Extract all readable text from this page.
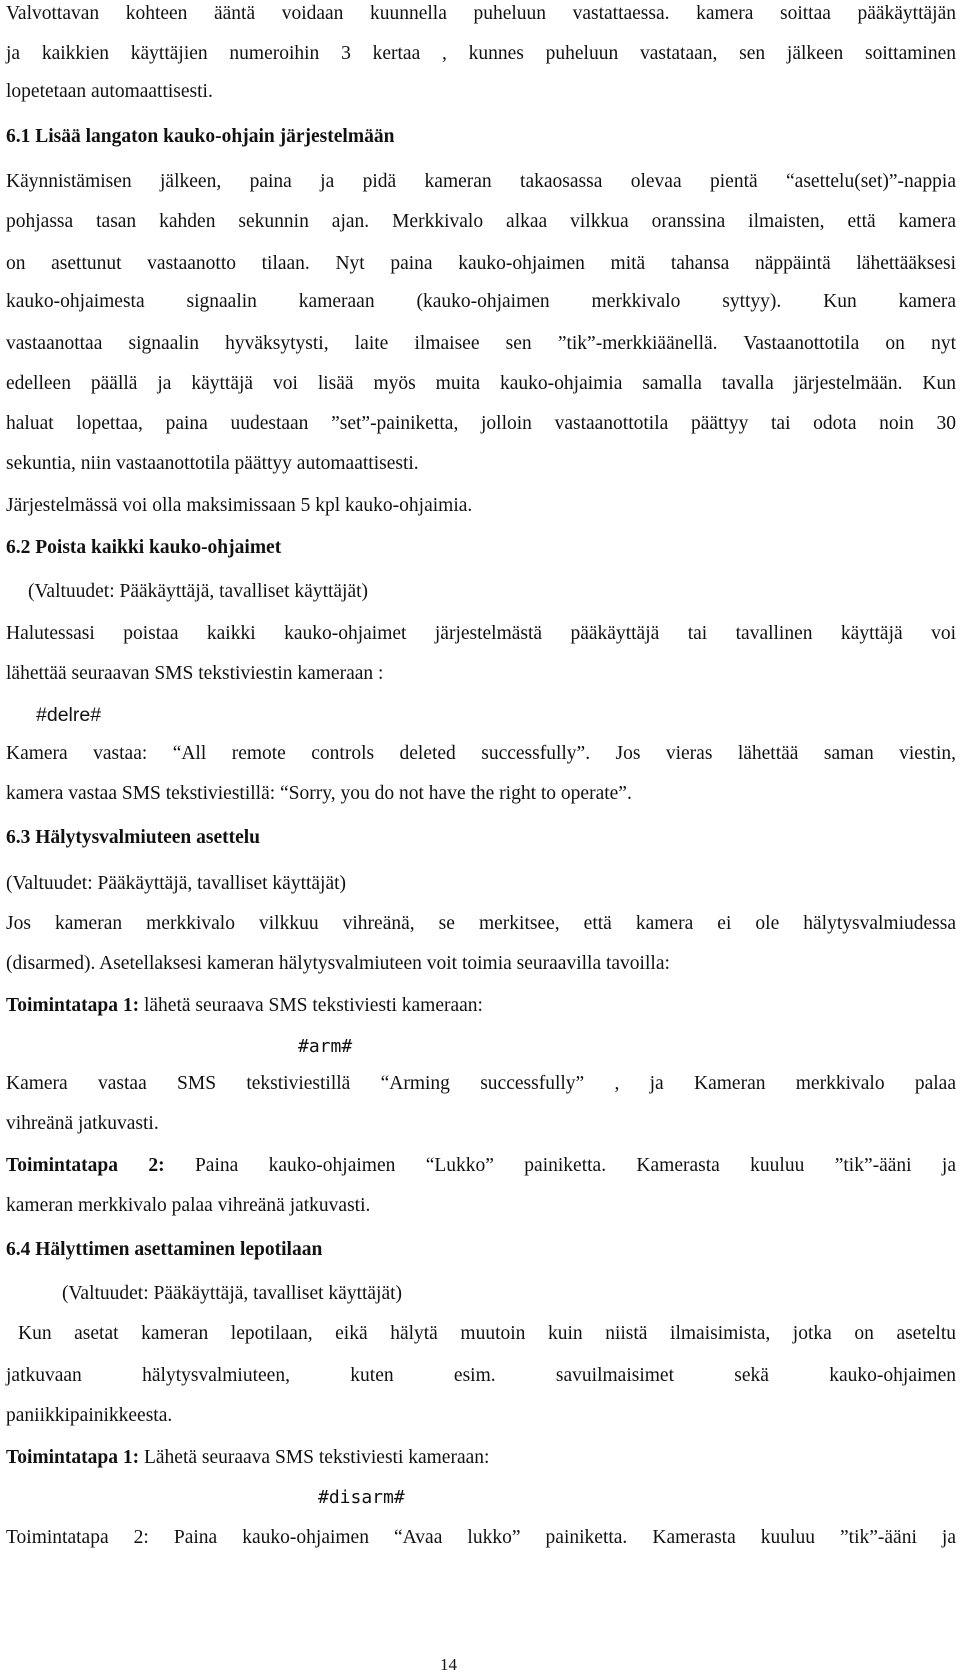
Valvottavan kohteen ääntä voidaan kuunnella puheluun vastattaessa. kamera soittaa pääkäyttäjän

ja kaikkien käyttäjien numeroihin 3 kertaa , kunnes puheluun vastataan, sen jälkeen soittaminen

lopetetaan automaattisesti.

6.1 Lisää langaton kauko-ohjain järjestelmään

Käynnistämisen jälkeen, paina ja pidä kameran takaosassa olevaa pientä “asettelu(set)”-nappia

pohjassa tasan kahden sekunnin ajan. Merkkivalo alkaa vilkkua oranssina ilmaisten, että kamera

on asettunut vastaanotto tilaan. Nyt paina kauko-ohjaimen mitä tahansa näppäintä lähettääksesi

kauko-ohjaimesta signaalin kameraan (kauko-ohjaimen merkkivalo syttyy). Kun kamera

vastaanottaa signaalin hyväksytysti, laite ilmaisee sen ”tik”-merkkiäänellä. Vastaanottotila on nyt

edelleen päällä ja käyttäjä voi lisää myös muita kauko-ohjaimia samalla tavalla järjestelmään. Kun

haluat lopettaa, paina uudestaan ”set”-painiketta, jolloin vastaanottotila päättyy tai odota noin 30

sekuntia, niin vastaanottotila päättyy automaattisesti.

Järjestelmässä voi olla maksimissaan 5 kpl kauko-ohjaimia.

6.2 Poista kaikki kauko-ohjaimet

(Valtuudet: Pääkäyttäjä, tavalliset käyttäjät)

Halutessasi poistaa kaikki kauko-ohjaimet järjestelmästä pääkäyttäjä tai tavallinen käyttäjä voi

lähettää seuraavan SMS tekstiviestin kameraan :

#delre#

Kamera vastaa: “All remote controls deleted successfully”. Jos vieras lähettää saman viestin,

kamera vastaa SMS tekstiviestillä: “Sorry, you do not have the right to operate”.

6.3 Hälytysvalmiuteen asettelu

(Valtuudet: Pääkäyttäjä, tavalliset käyttäjät)

Jos kameran merkkivalo vilkkuu vihreänä, se merkitsee, että kamera ei ole hälytysvalmiudessa

(disarmed). Asetellaksesi kameran hälytysvalmiuteen voit toimia seuraavilla tavoilla:

Toimintatapa 1: lähetä seuraava SMS tekstiviesti kameraan:

#arm#

Kamera vastaa SMS tekstiviestillä “Arming successfully” , ja Kameran merkkivalo palaa

vihreänä jatkuvasti.

Toimintatapa 2: Paina kauko-ohjaimen “Lukko” painiketta. Kamerasta kuuluu ”tik”-ääni ja

kameran merkkivalo palaa vihreänä jatkuvasti.

6.4 Hälyttimen asettaminen lepotilaan

(Valtuudet: Pääkäyttäjä, tavalliset käyttäjät)

Kun asetat kameran lepotilaan, eikä hälytä muutoin kuin niistä ilmaisimista, jotka on aseteltu

jatkuvaan hälytysvalmiuteen, kuten esim. savuilmaisimet sekä kauko-ohjaimen

paniikkipainikkeesta.

Toimintatapa 1: Lähetä seuraava SMS tekstiviesti kameraan:

#disarm#

Toimintatapa 2: Paina kauko-ohjaimen “Avaa lukko” painiketta. Kamerasta kuuluu ”tik”-ääni ja

14
